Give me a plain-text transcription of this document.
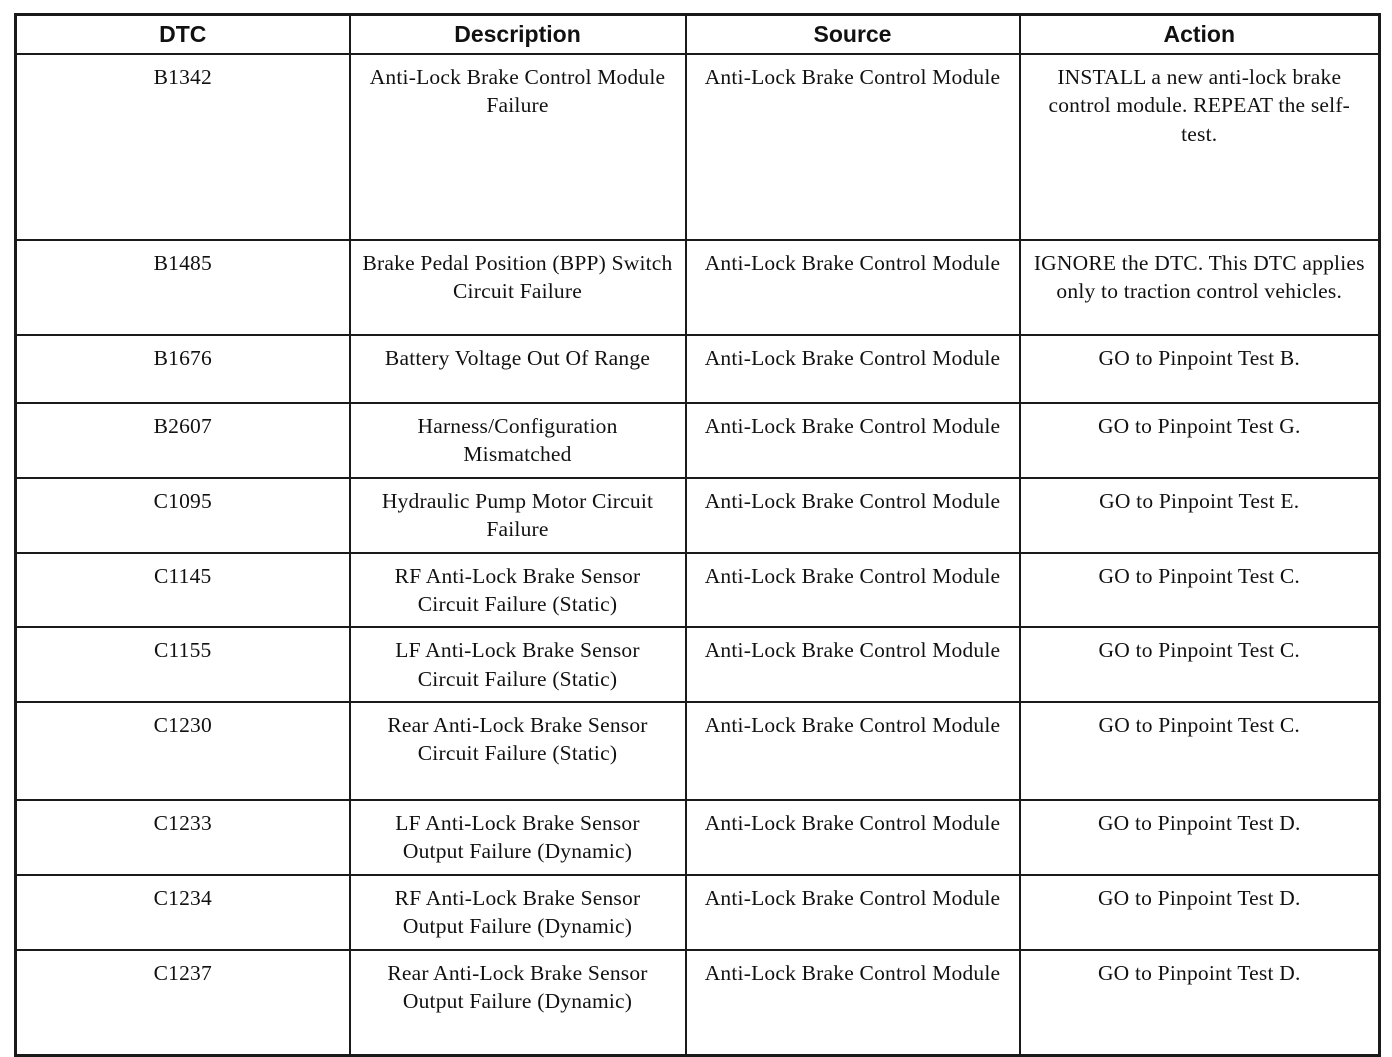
DTC	Description	Source	Action
B1342	Anti-Lock Brake Control Module Failure	Anti-Lock Brake Control Module	INSTALL a new anti-lock brake control module. REPEAT the self-test.
B1485	Brake Pedal Position (BPP) Switch Circuit Failure	Anti-Lock Brake Control Module	IGNORE the DTC. This DTC applies only to traction control vehicles.
B1676	Battery Voltage Out Of Range	Anti-Lock Brake Control Module	GO to Pinpoint Test B.
B2607	Harness/Configuration Mismatched	Anti-Lock Brake Control Module	GO to Pinpoint Test G.
C1095	Hydraulic Pump Motor Circuit Failure	Anti-Lock Brake Control Module	GO to Pinpoint Test E.
C1145	RF Anti-Lock Brake Sensor Circuit Failure (Static)	Anti-Lock Brake Control Module	GO to Pinpoint Test C.
C1155	LF Anti-Lock Brake Sensor Circuit Failure (Static)	Anti-Lock Brake Control Module	GO to Pinpoint Test C.
C1230	Rear Anti-Lock Brake Sensor Circuit Failure (Static)	Anti-Lock Brake Control Module	GO to Pinpoint Test C.
C1233	LF Anti-Lock Brake Sensor Output Failure (Dynamic)	Anti-Lock Brake Control Module	GO to Pinpoint Test D.
C1234	RF Anti-Lock Brake Sensor Output Failure (Dynamic)	Anti-Lock Brake Control Module	GO to Pinpoint Test D.
C1237	Rear Anti-Lock Brake Sensor Output Failure (Dynamic)	Anti-Lock Brake Control Module	GO to Pinpoint Test D.
